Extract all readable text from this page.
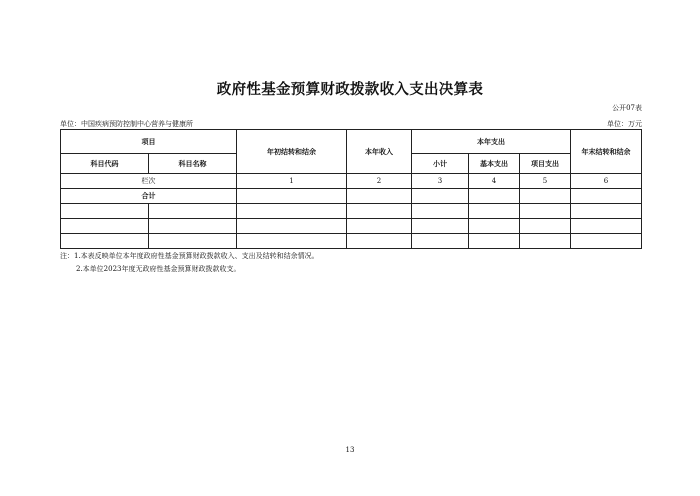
政府性基金预算财政拨款收入支出决算表
公开07表
单位：中国疾病预防控制中心营养与健康所	单位：万元
项目		年初结转和结余	本年收入	本年支出			年末结转和结余
科目代码	科目名称			小计	基本支出	项目支出	
栏次		1	2	3	4	5	6
合计							

注：1.本表反映单位本年度政府性基金预算财政拨款收入、支出及结转和结余情况。
2.本单位2023年度无政府性基金预算财政拨款收支。
13
